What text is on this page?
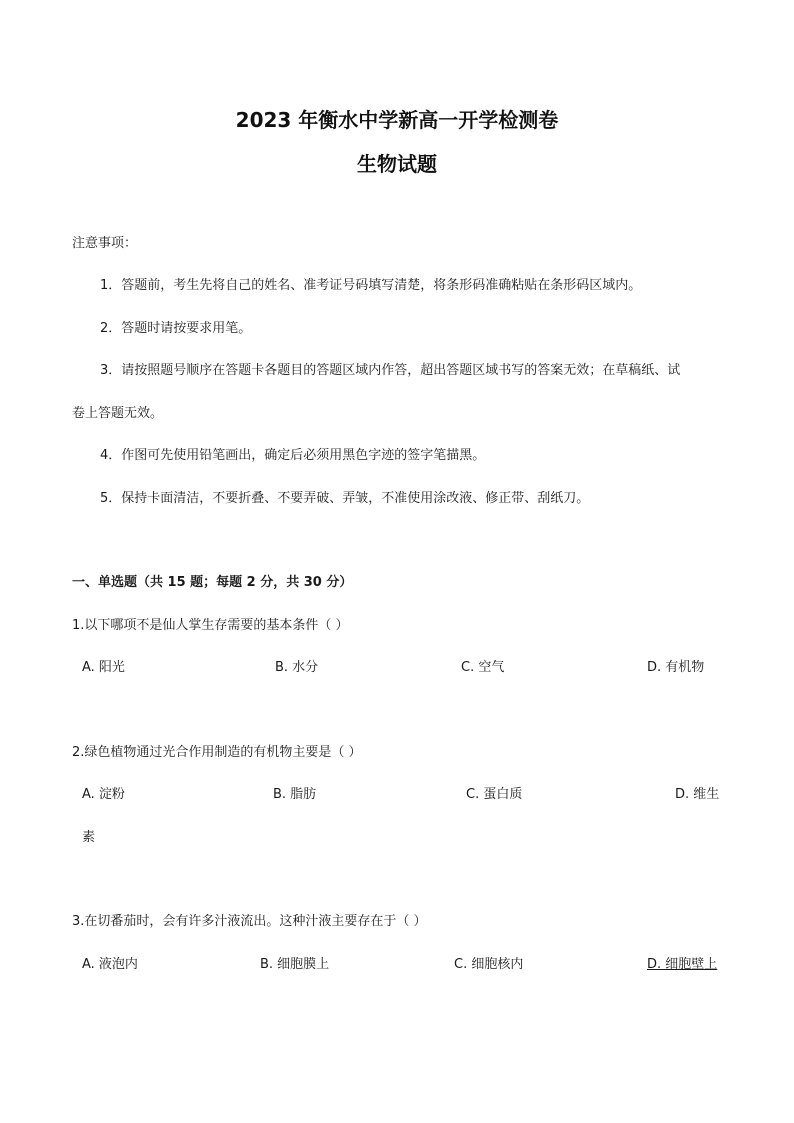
2023 年衡水中学新高一开学检测卷
生物试题
注意事项：
1．答题前，考生先将自己的姓名、准考证号码填写清楚，将条形码准确粘贴在条形码区域内。
2．答题时请按要求用笔。
3．请按照题号顺序在答题卡各题目的答题区域内作答，超出答题区域书写的答案无效；在草稿纸、试
卷上答题无效。
4．作图可先使用铅笔画出，确定后必须用黑色字迹的签字笔描黑。
5．保持卡面清洁，不要折叠、不要弄破、弄皱，不准使用涂改液、修正带、刮纸刀。
一、单选题（共 15 题；每题 2 分，共 30 分）
1.以下哪项不是仙人掌生存需要的基本条件（ ）
A. 阳光	B. 水分	C. 空气	D. 有机物
2.绿色植物通过光合作用制造的有机物主要是（ ）
A. 淀粉	B. 脂肪	C. 蛋白质	D. 维生
素
3.在切番茄时，会有许多汁液流出。这种汁液主要存在于（ ）
A. 液泡内	B. 细胞膜上	C. 细胞核内	D. 细胞壁上
